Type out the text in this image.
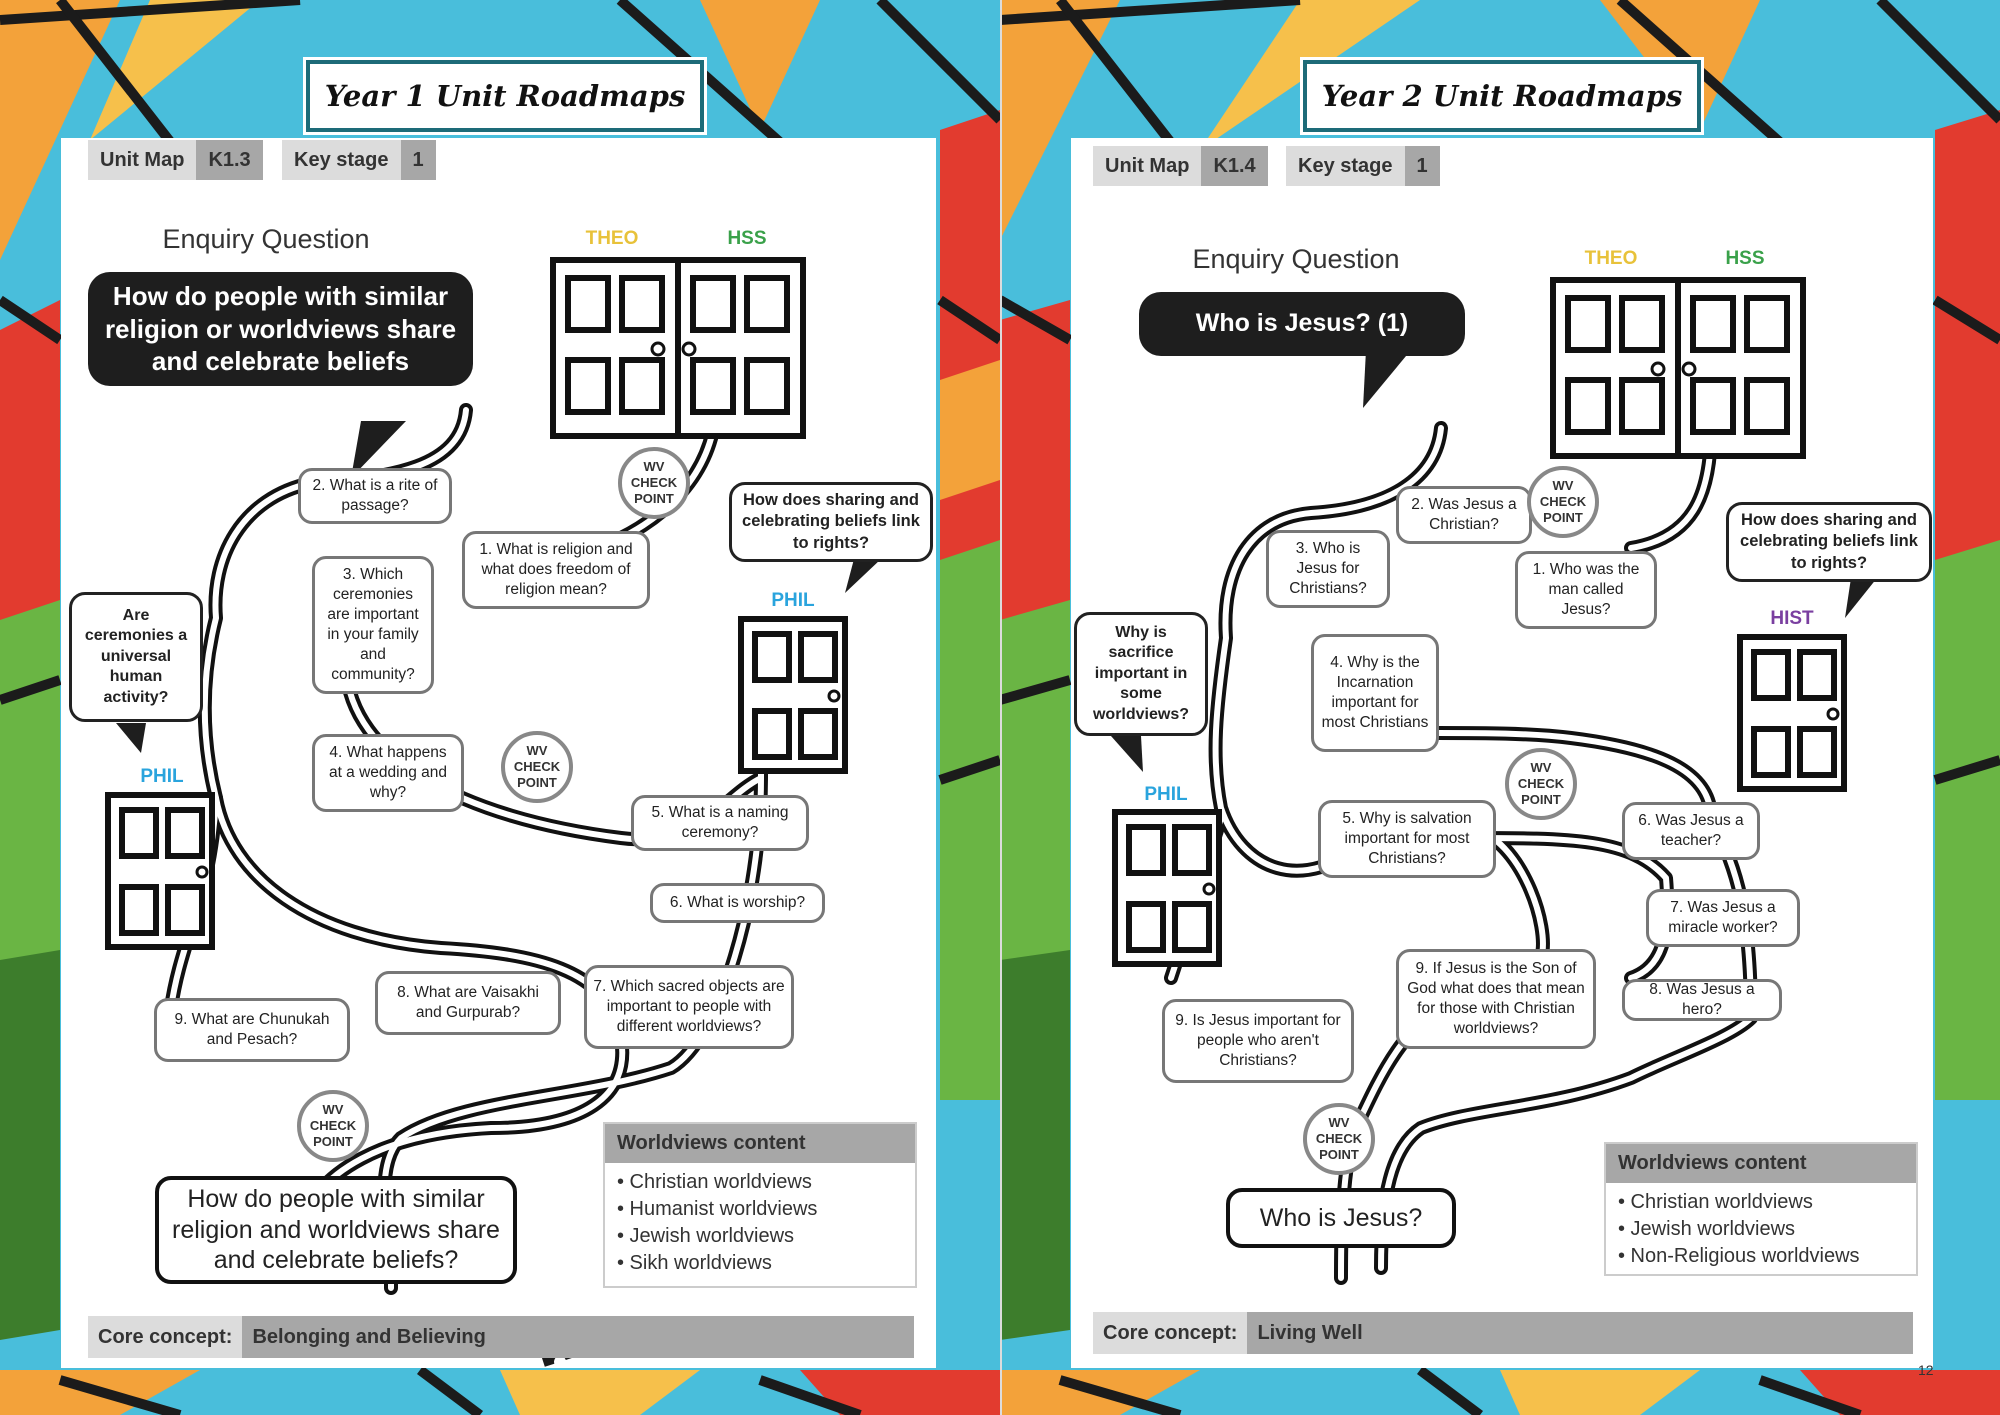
Year 1 Unit Roadmaps
Unit Map	K1.3	Key stage	1
Enquiry Question
How do people with similar religion or worldviews share and celebrate beliefs
THEO	HSS
PHIL
PHIL
Are ceremonies a universal human activity?
How does sharing and celebrating beliefs link to rights?
1. What is religion and what does freedom of religion mean?
2. What is a rite of passage?
3. Which ceremonies are important in your family and community?
4. What happens at a wedding and why?
5. What is a naming ceremony?
6. What is worship?
7. Which sacred objects are important to people with different worldviews?
8. What are Vaisakhi and Gurpurab?
9. What are Chunukah and Pesach?
WV
CHECK
POINT
WV
CHECK
POINT
WV
CHECK
POINT
How do people with similar religion and worldviews share and celebrate beliefs?
Worldviews content
• Christian worldviews
• Humanist worldviews
• Jewish worldviews
• Sikh worldviews
Core concept:	Belonging and Believing
Year 2 Unit Roadmaps
Unit Map	K1.4	Key stage	1
Enquiry Question
Who is Jesus? (1)
THEO	HSS
HIST
PHIL
Why is sacrifice important in some worldviews?
How does sharing and celebrating beliefs link to rights?
1. Who was the man called Jesus?
2. Was Jesus a Christian?
3. Who is Jesus for Christians?
4. Why is the Incarnation important for most Christians
5. Why is salvation important for most Christians?
6. Was Jesus a teacher?
7. Was Jesus a miracle worker?
8. Was Jesus a hero?
9. If Jesus is the Son of God what does that mean for those with Christian worldviews?
9. Is Jesus important for people who aren't Christians?
WV
CHECK
POINT
WV
CHECK
POINT
WV
CHECK
POINT
Who is Jesus?
Worldviews content
• Christian worldviews
• Jewish worldviews
• Non-Religious worldviews
Core concept:	Living Well
12
